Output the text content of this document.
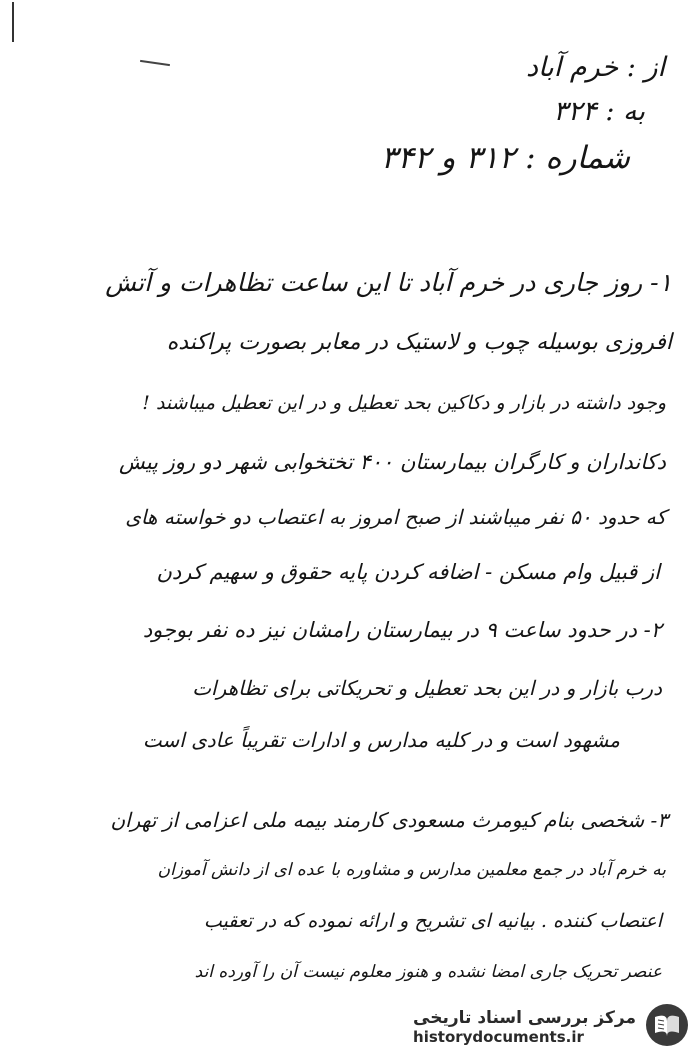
از : خرم آباد
به : ۳۲۴
شماره : ۳۱۲ و ۳۴۲
۱- روز جاری در خرم آباد تا این ساعت تظاهرات و آتش
افروزی بوسیله چوب و لاستیک در معابر بصورت پراکنده
وجود داشته در بازار و دکاکین بحد تعطیل و در این تعطیل میباشند !
دکانداران و کارگران بیمارستان ۴۰۰ تختخوابی شهر دو روز پیش
که حدود ۵۰ نفر میباشند از صبح امروز به اعتصاب دو خواسته های
از قبیل وام مسکن - اضافه کردن پایه حقوق و سهیم کردن
۲- در حدود ساعت ۹ در بیمارستان رامشان نیز ده نفر بوجود
درب بازار و در این بحد تعطیل و تحریکاتی برای تظاهرات
مشهود است و در کلیه مدارس و ادارات تقریباً عادی است
۳- شخصی بنام کیومرث مسعودی کارمند بیمه ملی اعزامی از تهران
به خرم آباد در جمع معلمین مدارس و مشاوره با عده ای از دانش آموزان
اعتصاب کننده . بیانیه ای تشریح و ارائه نموده که در تعقیب
عنصر تحریک جاری امضا نشده و هنوز معلوم نیست آن را آورده اند
مرکز بررسی اسناد تاریخی
historydocuments.ir
